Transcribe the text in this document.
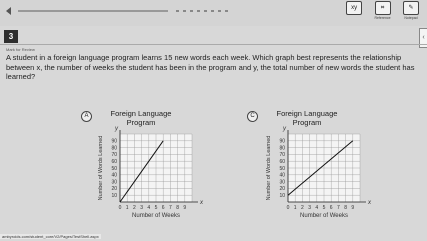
xy
	⌗
Reference

✎
Notepad
3	‹
Mark for Review
A student in a foreign language program learns 15 new words each week. Which graph best represents the relationship between x, the number of weeks the student has been in the program and y, the total number of new words the student has learned?
A	Foreign Language Program
C	Foreign Language Program
0 1 2 3 4 5 6 7 8 9
10
20
30
40
50
60
70
80
90
x
y
Number of Weeks
Number of Words Learned
0 1 2 3 4 5 6 7 8 9
10
20
30
40
50
60
70
80
90
x
y
Number of Weeks
Number of Words Learned
ambyroids.com/student_core/V2/Pages/TestShell.aspx
